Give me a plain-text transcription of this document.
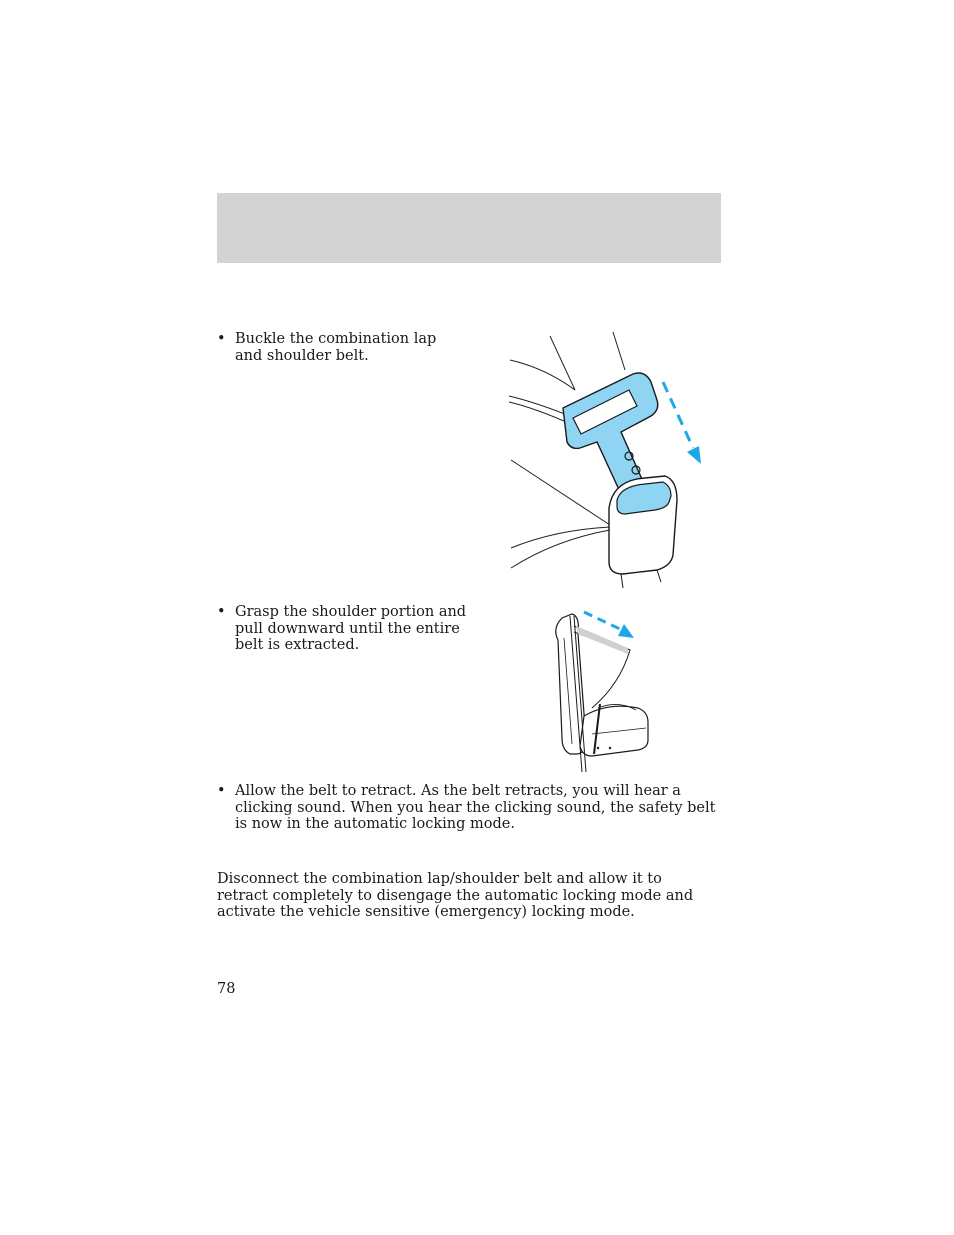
• Buckle the combination lap and shoulder belt.
• Grasp the shoulder portion and pull downward until the entire belt is extracted.
• Allow the belt to retract. As the belt retracts, you will hear a clicking sound. When you hear the clicking sound, the safety belt is now in the automatic locking mode.
Disconnect the combination lap/shoulder belt and allow it to retract completely to disengage the automatic locking mode and activate the vehicle sensitive (emergency) locking mode.
78
